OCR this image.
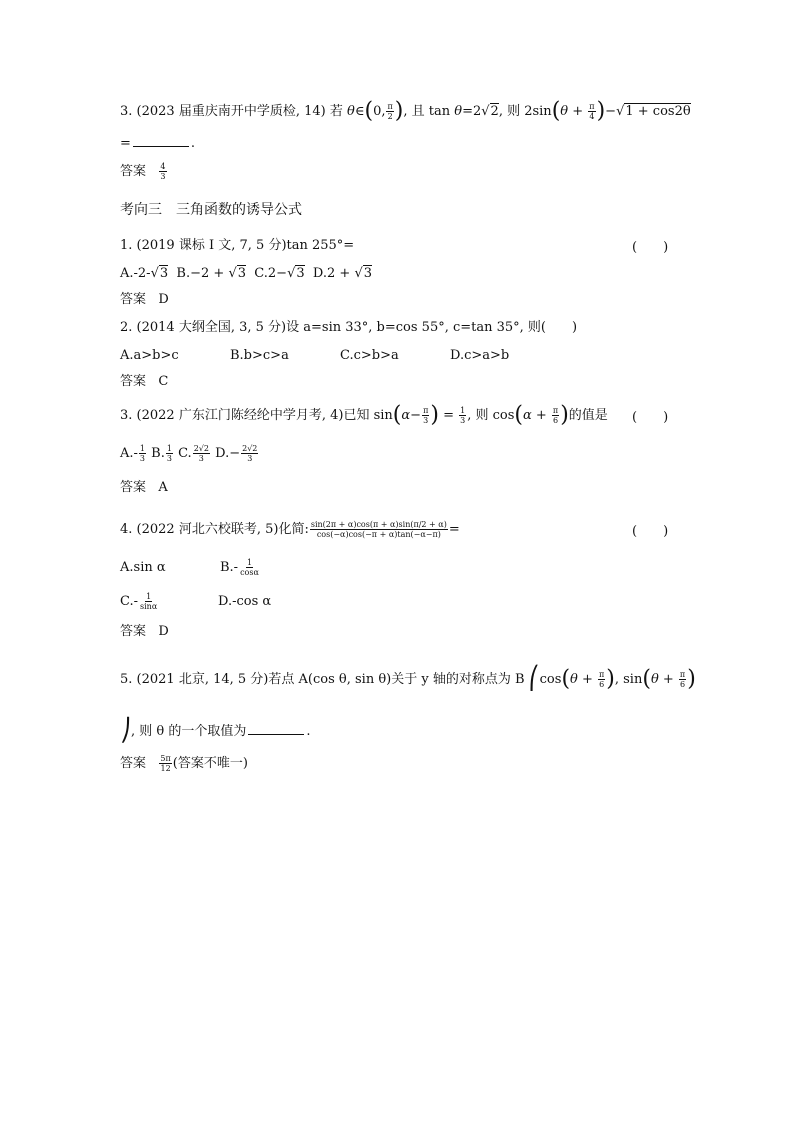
3. (2023 届重庆南开中学质检, 14) 若 θ∈(0, $\frac{\pi}{2}$ ), 且 tan θ=2√2, 则 $2\sin(\theta + \frac{\pi}{4} )-√1 + \cos 2\theta$
=	.
答案 $\frac{4}{3}$
考向三　三角函数的诱导公式
1. (2019 课标 Ⅰ 文, 7, 5 分)tan 255°=	(　　)
A.-2-√3 B.−2 + √3 C.2−√3 D.2 + √3
答案 D
2. (2014 大纲全国, 3, 5 分)设 a=sin 33°, b=cos 55°, c=tan 35°, 则(　　)
A.a>b>c	B.b>c>a	C.c>b>a	D.c>a>b
答案 C
3. (2022 广东江门陈经纶中学月考, 4)已知 $\sin(\alpha- \frac{\pi}{3}$ ) = $\frac{1}{3}$ , 则 $\cos(\alpha + \frac{\pi}{6}$ )的值是 (　　)
$A.- \frac{1}{3} B$. $\frac{1}{3} C$. $\frac{2√2}{3} D.- \frac{2√2}{3}$
答案 A
4. (2022 河北六校联考, 5)化简: $\frac{\sin(2\pi + \alpha)\cos(\pi + \alpha)\sin(\pi/2 + \alpha)}{\cos(-\alpha)\cos(-\pi + \alpha)\tan(-\alpha-\pi)}$ =	(　　)
A.sin α	$B.- \frac{1}{\cos\alpha}$
$C.- \frac{1}{\sin\alpha}$	D.-cos α
答案 D
5. (2021 北京, 14, 5 分)若点 A(cos θ, sin θ)关于 y 轴的对称点为 B ⎛cos(θ + $\frac{\pi}{6}$ ), $\sin(\theta + \frac{\pi}{6}$ )
⎠, 则 θ 的一个取值为	.
答案 $\frac{5\pi}{12}$ (答案不唯一)
